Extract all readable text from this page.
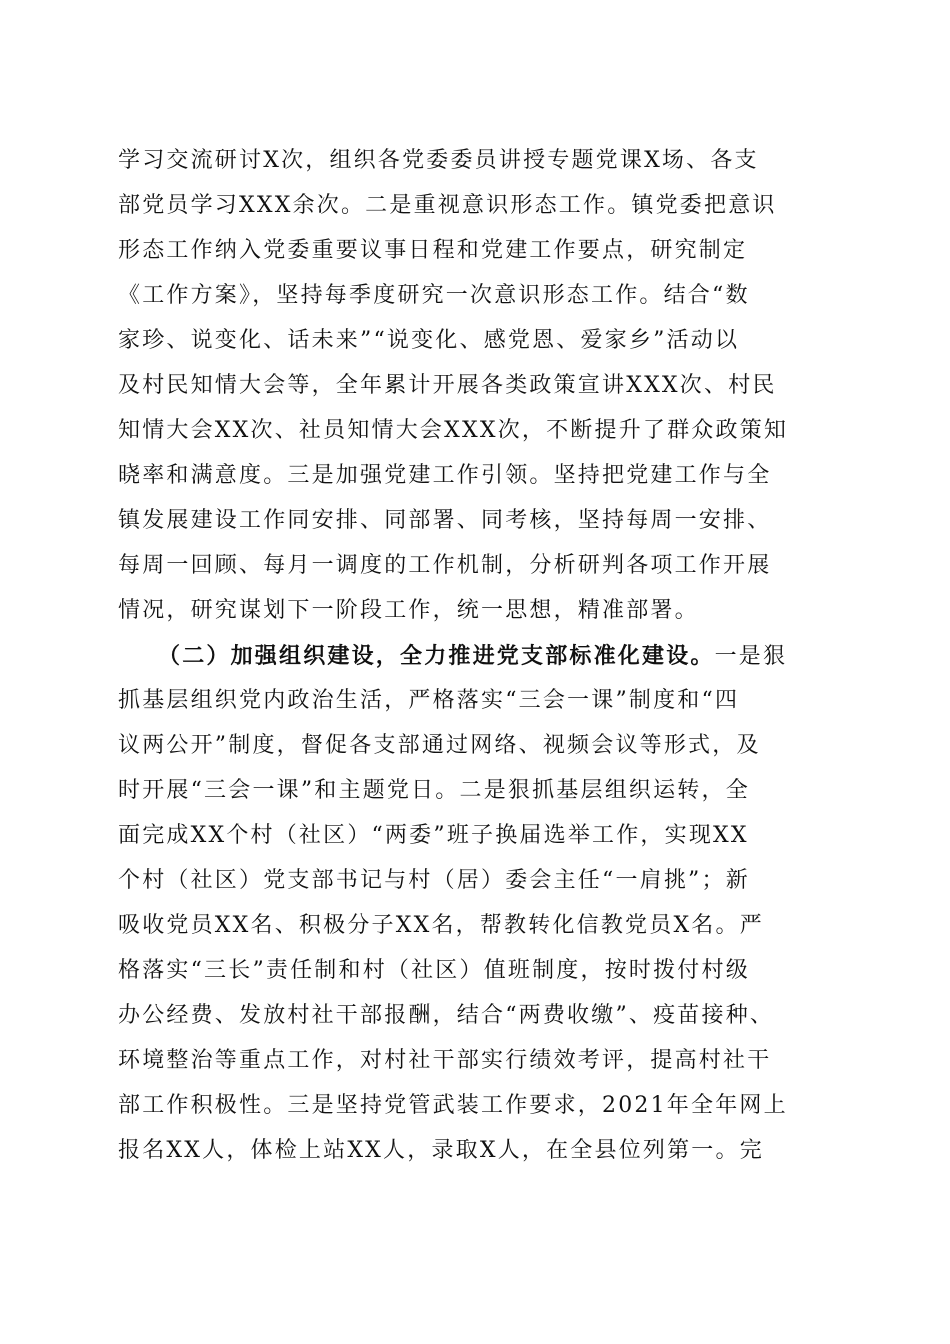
学习交流研讨X次，组织各党委委员讲授专题党课X场、各支
部党员学习XXX余次。二是重视意识形态工作。镇党委把意识
形态工作纳入党委重要议事日程和党建工作要点，研究制定
《工作方案》，坚持每季度研究一次意识形态工作。结合“数
家珍、说变化、话未来”“说变化、感党恩、爱家乡”活动以
及村民知情大会等，全年累计开展各类政策宣讲XXX次、村民
知情大会XX次、社员知情大会XXX次，不断提升了群众政策知
晓率和满意度。三是加强党建工作引领。坚持把党建工作与全
镇发展建设工作同安排、同部署、同考核，坚持每周一安排、
每周一回顾、每月一调度的工作机制，分析研判各项工作开展
情况，研究谋划下一阶段工作，统一思想，精准部署。
（二）加强组织建设，全力推进党支部标准化建设。一是狠
抓基层组织党内政治生活，严格落实“三会一课”制度和“四
议两公开”制度，督促各支部通过网络、视频会议等形式，及
时开展“三会一课”和主题党日。二是狠抓基层组织运转，全
面完成XX个村（社区）“两委”班子换届选举工作，实现XX
个村（社区）党支部书记与村（居）委会主任“一肩挑”；新
吸收党员XX名、积极分子XX名，帮教转化信教党员X名。严
格落实“三长”责任制和村（社区）值班制度，按时拨付村级
办公经费、发放村社干部报酬，结合“两费收缴”、疫苗接种、
环境整治等重点工作，对村社干部实行绩效考评，提高村社干
部工作积极性。三是坚持党管武装工作要求，2021年全年网上
报名XX人，体检上站XX人，录取X人，在全县位列第一。完
